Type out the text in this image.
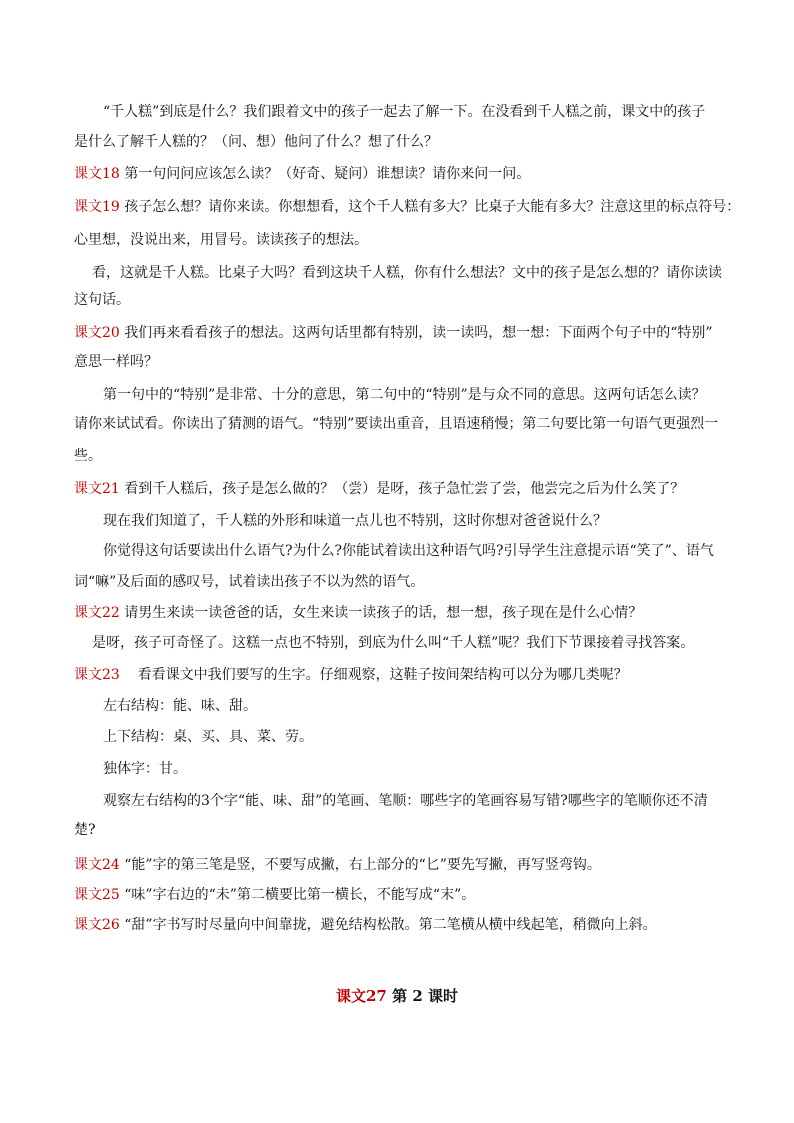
课文27 第 2 课时
“千人糕”到底是什么？我们跟着文中的孩子一起去了解一下。在没看到千人糕之前，课文中的孩子
是什么了解千人糕的？（问、想）他问了什么？想了什么？
课文18 第一句问问应该怎么读？（好奇、疑问）谁想读？请你来问一问。
课文19 孩子怎么想？请你来读。你想想看，这个千人糕有多大？比桌子大能有多大？注意这里的标点符号：
心里想，没说出来，用冒号。读读孩子的想法。
看，这就是千人糕。比桌子大吗？看到这块千人糕，你有什么想法？文中的孩子是怎么想的？请你读读
这句话。
课文20 我们再来看看孩子的想法。这两句话里都有特别，读一读吗，想一想：下面两个句子中的“特别”
意思一样吗？
第一句中的“特别”是非常、十分的意思，第二句中的“特别”是与众不同的意思。这两句话怎么读？
请你来试试看。你读出了猜测的语气。“特别”要读出重音，且语速稍慢；第二句要比第一句语气更强烈一
些。
课文21 看到千人糕后，孩子是怎么做的？（尝）是呀，孩子急忙尝了尝，他尝完之后为什么笑了？
现在我们知道了，千人糕的外形和味道一点儿也不特别，这时你想对爸爸说什么？
你觉得这句话要读出什么语气?为什么?你能试着读出这种语气吗?引导学生注意提示语“笑了”、语气
词“嘛”及后面的感叹号，试着读出孩子不以为然的语气。
课文22 请男生来读一读爸爸的话，女生来读一读孩子的话，想一想，孩子现在是什么心情？
是呀，孩子可奇怪了。这糕一点也不特别，到底为什么叫“千人糕”呢？我们下节课接着寻找答案。
课文23    看看课文中我们要写的生字。仔细观察，这鞋子按间架结构可以分为哪几类呢？
左右结构：能、味、甜。
上下结构：桌、买、具、菜、劳。
独体字：甘。
观察左右结构的3个字“能、味、甜”的笔画、笔顺：哪些字的笔画容易写错?哪些字的笔顺你还不清
楚?
课文24 “能”字的第三笔是竖，不要写成撇，右上部分的“匕”要先写撇，再写竖弯钩。
课文25 “味”字右边的“未”第二横要比第一横长，不能写成“末”。
课文26 “甜”字书写时尽量向中间靠拢，避免结构松散。第二笔横从横中线起笔，稍微向上斜。
